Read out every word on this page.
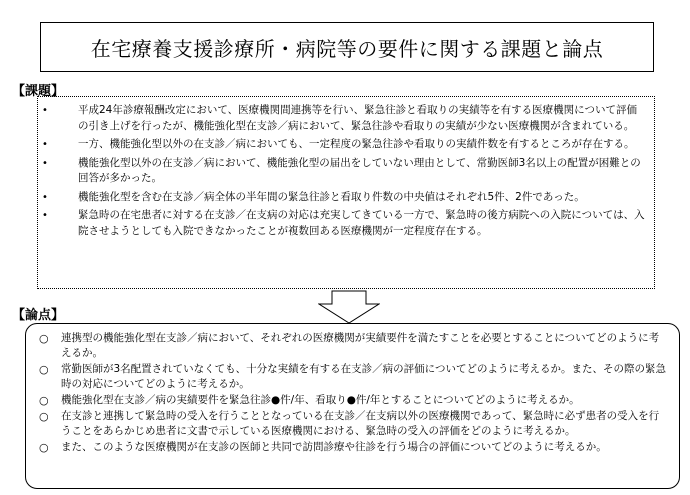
在宅療養支援診療所・病院等の要件に関する課題と論点
【課題】
•	平成24年診療報酬改定において、医療機関間連携等を行い、緊急往診と看取りの実績等を有する医療機関について評価の引き上げを行ったが、機能強化型在支診／病において、緊急往診や看取りの実績が少ない医療機関が含まれている。
•	一方、機能強化型以外の在支診／病においても、一定程度の緊急往診や看取りの実績件数を有するところが存在する。
•	機能強化型以外の在支診／病において、機能強化型の届出をしていない理由として、常勤医師3名以上の配置が困難との回答が多かった。
•	機能強化型を含む在支診／病全体の半年間の緊急往診と看取り件数の中央値はそれぞれ5件、2件であった。
•	緊急時の在宅患者に対する在支診／在支病の対応は充実してきている一方で、緊急時の後方病院への入院については、入院させようとしても入院できなかったことが複数回ある医療機関が一定程度存在する。
【論点】
○ 連携型の機能強化型在支診／病において、それぞれの医療機関が実績要件を満たすことを必要とすることについてどのように考えるか。
○ 常勤医師が3名配置されていなくても、十分な実績を有する在支診／病の評価についてどのように考えるか。また、その際の緊急時の対応についてどのように考えるか。
○ 機能強化型在支診／病の実績要件を緊急往診●件/年、看取り●件/年とすることについてどのように考えるか。
○ 在支診と連携して緊急時の受入を行うこととなっている在支診／在支病以外の医療機関であって、緊急時に必ず患者の受入を行うことをあらかじめ患者に文書で示している医療機関における、緊急時の受入の評価をどのように考えるか。
○ また、このような医療機関が在支診の医師と共同で訪問診療や往診を行う場合の評価についてどのように考えるか。
